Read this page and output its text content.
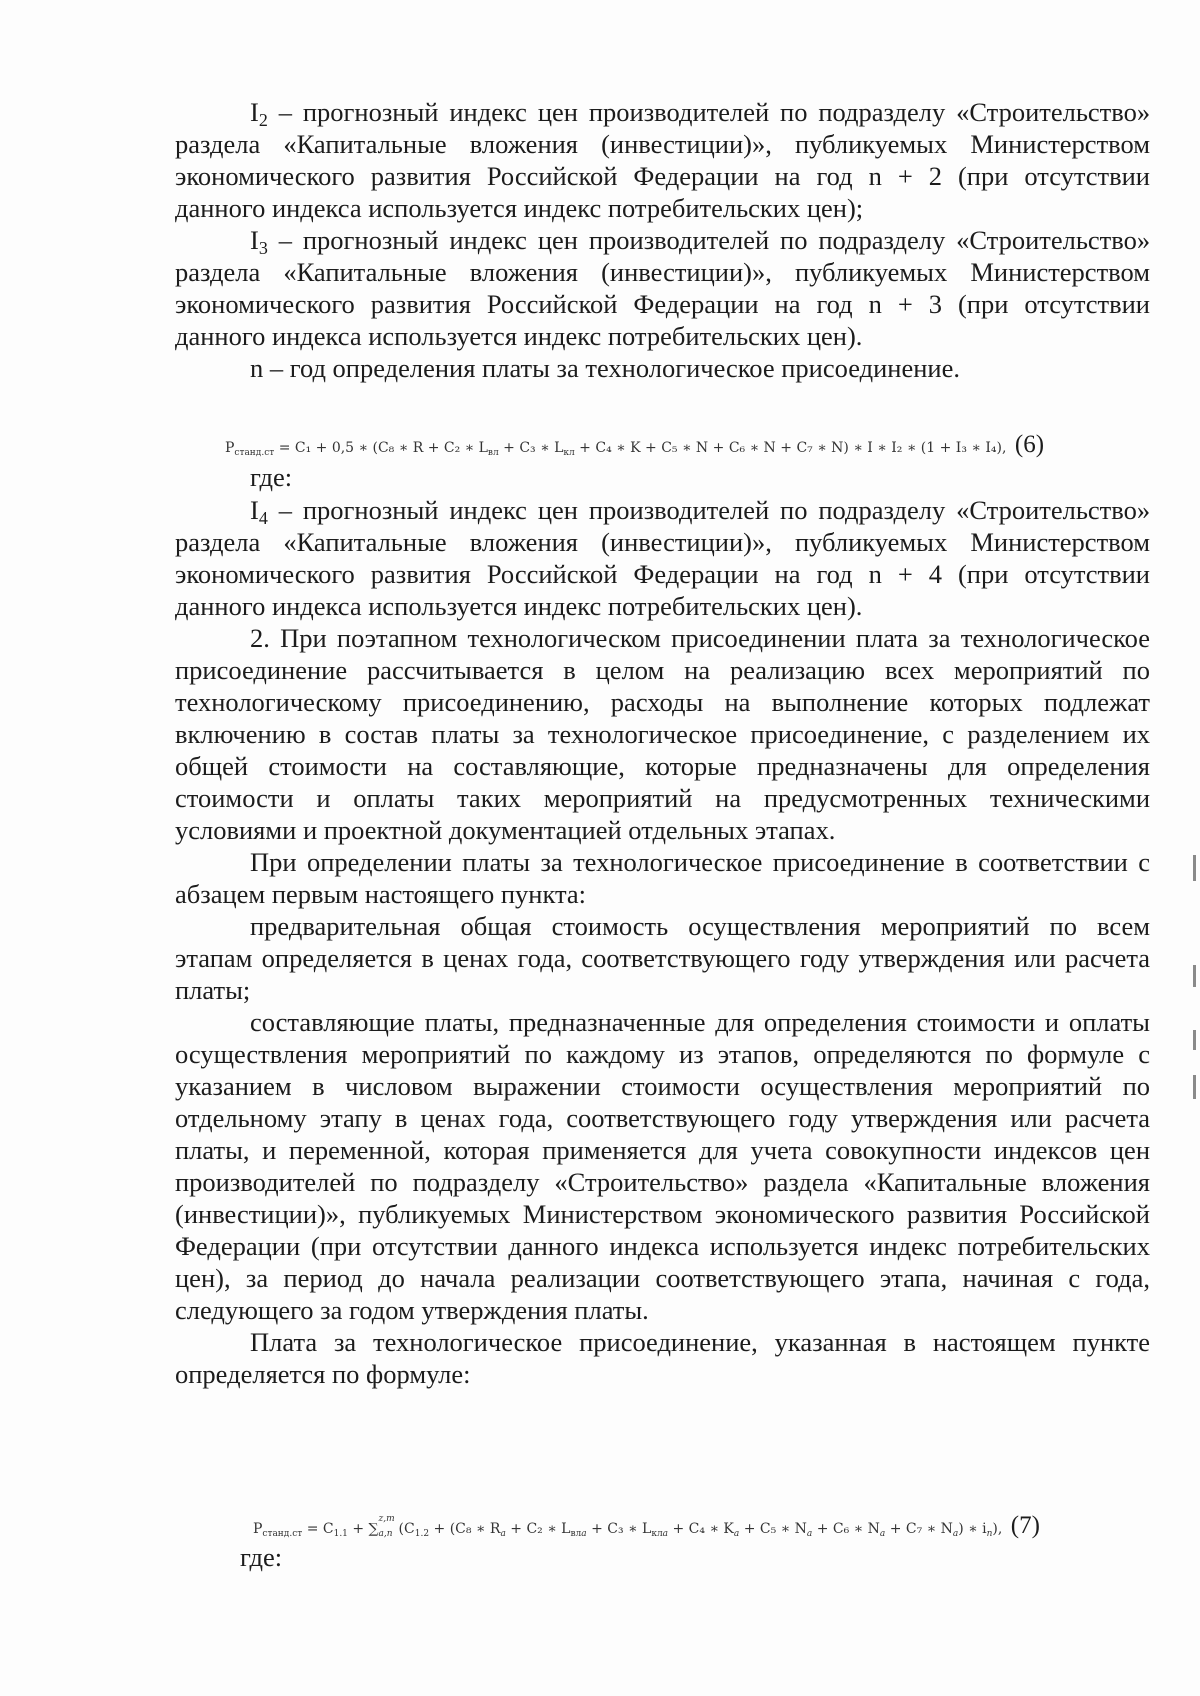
$I_2$ – прогнозный индекс цен производителей по подразделу «Строительство» раздела «Капитальные вложения (инвестиции)», публикуемых Министерством экономического развития Российской Федерации на год n + 2 (при отсутствии данного индекса используется индекс потребительских цен);

$I_3$ – прогнозный индекс цен производителей по подразделу «Строительство» раздела «Капитальные вложения (инвестиции)», публикуемых Министерством экономического развития Российской Федерации на год n + 3 (при отсутствии данного индекса используется индекс потребительских цен).

n – год определения платы за технологическое присоединение.

$P_{станд.ст} = C_1 + 0,5$ ∗ (C₈ ∗ R + C₂ ∗ $L_{вл} + C_3$ ∗ $L_{кл} + C_4$ ∗ K + C₅ ∗ N + C₆ ∗ N + C₇ ∗ N) ∗ I ∗ I₂ ∗ (1 + I₃ ∗ I₄), (6)

где:

$I_4$ – прогнозный индекс цен производителей по подразделу «Строительство» раздела «Капитальные вложения (инвестиции)», публикуемых Министерством экономического развития Российской Федерации на год n + 4 (при отсутствии данного индекса используется индекс потребительских цен).

2. При поэтапном технологическом присоединении плата за технологическое присоединение рассчитывается в целом на реализацию всех мероприятий по технологическому присоединению, расходы на выполнение которых подлежат включению в состав платы за технологическое присоединение, с разделением их общей стоимости на составляющие, которые предназначены для определения стоимости и оплаты таких мероприятий на предусмотренных техническими условиями и проектной документацией отдельных этапах.

При определении платы за технологическое присоединение в соответствии с абзацем первым настоящего пункта:

предварительная общая стоимость осуществления мероприятий по всем этапам определяется в ценах года, соответствующего году утверждения или расчета платы;

составляющие платы, предназначенные для определения стоимости и оплаты осуществления мероприятий по каждому из этапов, определяются по формуле с указанием в числовом выражении стоимости осуществления мероприятий по отдельному этапу в ценах года, соответствующего году утверждения или расчета платы, и переменной, которая применяется для учета совокупности индексов цен производителей по подразделу «Строительство» раздела «Капитальные вложения (инвестиции)», публикуемых Министерством экономического развития Российской Федерации (при отсутствии данного индекса используется индекс потребительских цен), за период до начала реализации соответствующего этапа, начиная с года, следующего за годом утверждения платы.

Плата за технологическое присоединение, указанная в настоящем пункте определяется по формуле:

$P_{станд.ст} = C_{1.1}$ + ∑
z,m
a,n ($C_{1.2} + (C_8$ ∗ $R_a + C_2$ ∗ $L_{влa} + C_3$ ∗ $L_{клa} + C_4$ ∗ $K_a + C_5$ ∗ $N_a + C_6$ ∗ $N_a + C_7$ ∗ $N_a$) ∗ $i_n$), (7)

где:
